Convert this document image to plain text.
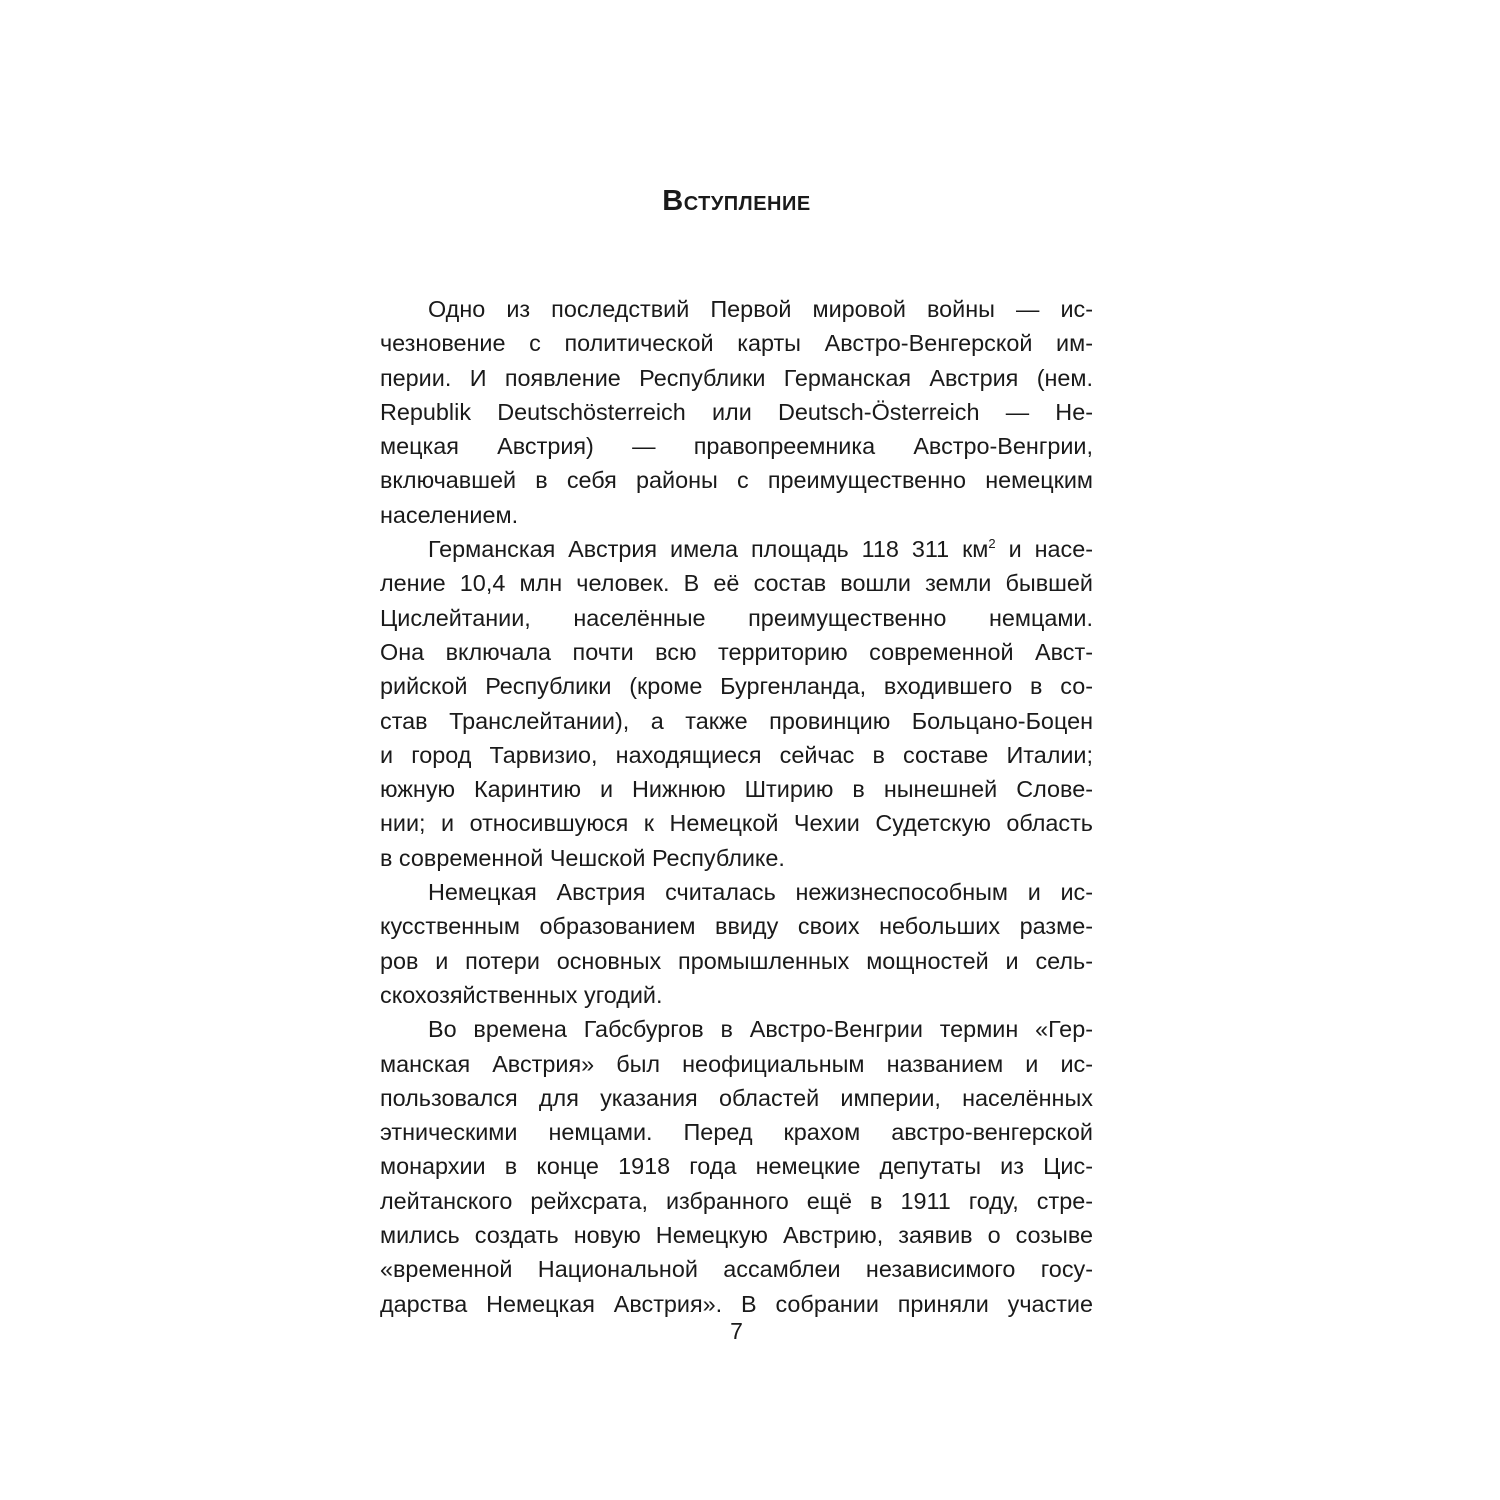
Вступление
Одно из последствий Первой мировой войны — ис-
чезновение с политической карты Австро-Венгерской им-
перии. И появление Республики Германская Австрия (нем.
Republik Deutschösterreich или Deutsch-Österreich — Не-
мецкая Австрия) — правопреемника Австро-Венгрии,
включавшей в себя районы с преимущественно немецким
населением.
Германская Австрия имела площадь 118 311 $км^2$ и насе-
ление 10,4 млн человек. В её состав вошли земли бывшей
Цислейтании, населённые преимущественно немцами.
Она включала почти всю территорию современной Авст-
рийской Республики (кроме Бургенланда, входившего в со-
став Транслейтании), а также провинцию Больцано-Боцен
и город Тарвизио, находящиеся сейчас в составе Италии;
южную Каринтию и Нижнюю Штирию в нынешней Слове-
нии; и относившуюся к Немецкой Чехии Судетскую область
в современной Чешской Республике.
Немецкая Австрия считалась нежизнеспособным и ис-
кусственным образованием ввиду своих небольших разме-
ров и потери основных промышленных мощностей и сель-
скохозяйственных угодий.
Во времена Габсбургов в Австро-Венгрии термин «Гер-
манская Австрия» был неофициальным названием и ис-
пользовался для указания областей империи, населённых
этническими немцами. Перед крахом австро-венгерской
монархии в конце 1918 года немецкие депутаты из Цис-
лейтанского рейхсрата, избранного ещё в 1911 году, стре-
мились создать новую Немецкую Австрию, заявив о созыве
«временной Национальной ассамблеи независимого госу-
дарства Немецкая Австрия». В собрании приняли участие

7
